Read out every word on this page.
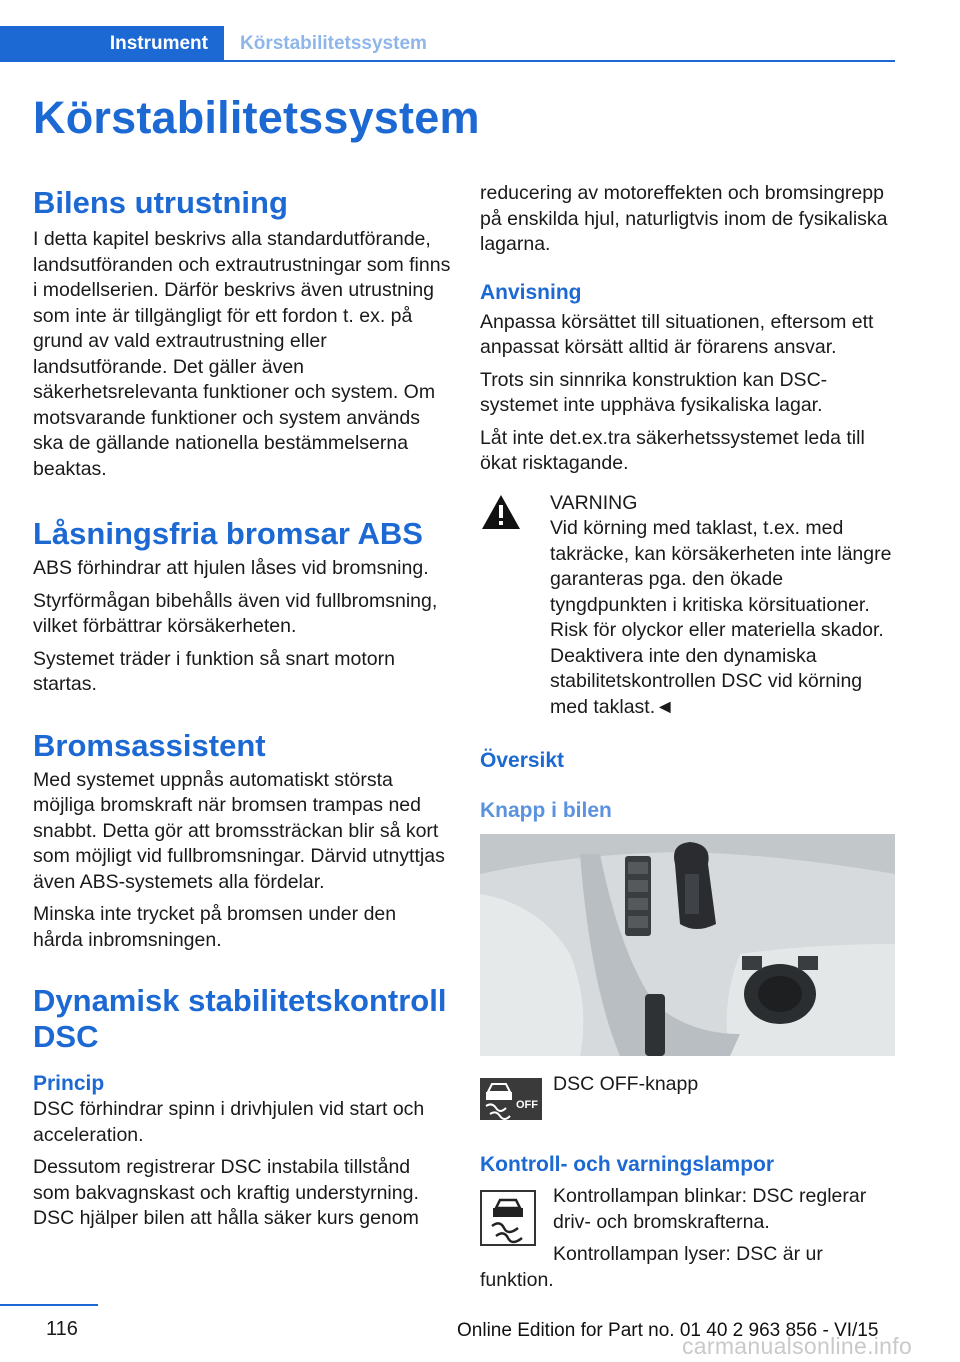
Instrument	Körstabilitetssystem
Körstabilitetssystem
Bilens utrustning

I detta kapitel beskrivs alla standardutförande, landsutföranden och extrautrustningar som finns i modellserien. Därför beskrivs även utrustning som inte är tillgängligt för ett fordon t. ex. på grund av vald extrautrustning eller landsutförande. Det gäller även säkerhetsrelevanta funktioner och system. Om motsvarande funktioner och system används ska de gällande nationella bestämmelserna beaktas.

Låsningsfria bromsar ABS

ABS förhindrar att hjulen låses vid bromsning.

Styrförmågan bibehålls även vid fullbromsning, vilket förbättrar körsäkerheten.

Systemet träder i funktion så snart motorn startas.

Bromsassistent

Med systemet uppnås automatiskt största möjliga bromskraft när bromsen trampas ned snabbt. Detta gör att bromssträckan blir så kort som möjligt vid fullbromsningar. Därvid utnyttjas även ABS-systemets alla fördelar.

Minska inte trycket på bromsen under den hårda inbromsningen.

Dynamisk stabilitetskontroll DSC
Princip

DSC förhindrar spinn i drivhjulen vid start och acceleration.

Dessutom registrerar DSC instabila tillstånd som bakvagnskast och kraftig understyrning. DSC hjälper bilen att hålla säker kurs genom

reducering av motoreffekten och bromsingrepp på enskilda hjul, naturligtvis inom de fysikaliska lagarna.

Anvisning

Anpassa körsättet till situationen, eftersom ett anpassat körsätt alltid är förarens ansvar.

Trots sin sinnrika konstruktion kan DSC-systemet inte upphäva fysikaliska lagar.

Låt inte det.ex.tra säkerhetssystemet leda till ökat risktagande.

VARNING
Vid körning med taklast, t.ex. med takräcke, kan körsäkerheten inte längre garanteras pga. den ökade tyngdpunkten i kritiska körsituationer. Risk för olyckor eller materiella skador. Deaktivera inte den dynamiska stabilitetskontrollen DSC vid körning med taklast.◄
Översikt
Knapp i bilen
OFF
DSC OFF-knapp
Kontroll- och varningslampor

Kontrollampan blinkar: DSC reglerar driv- och bromskrafterna.

Kontrollampan lyser: DSC är ur funktion.

116	Online Edition for Part no. 01 40 2 963 856 - VI/15
carmanualsonline.info
